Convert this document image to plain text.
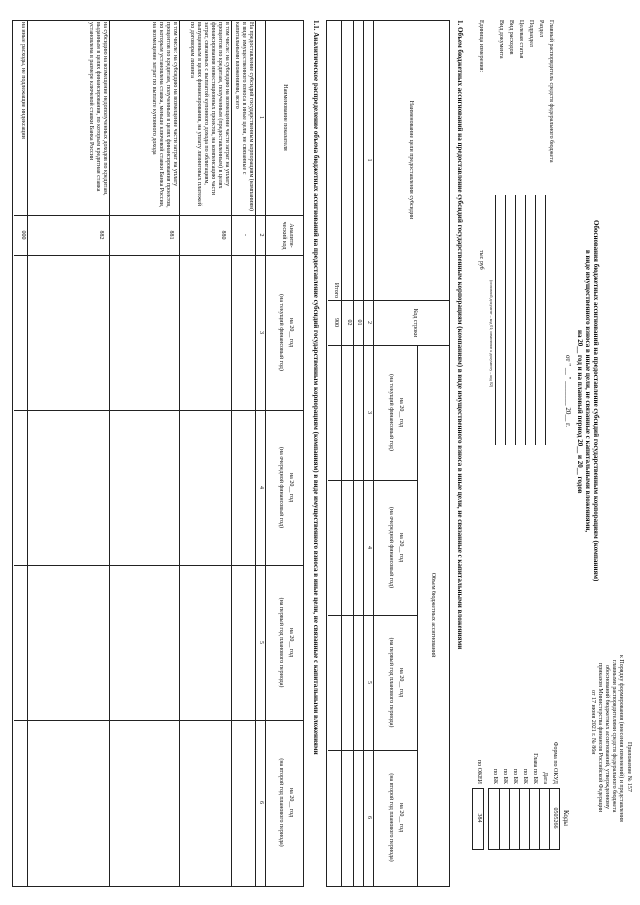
Приложение № 157
к Порядку формирования (внесения изменений) и представления
главными распорядителями средств федерального бюджета
обоснований бюджетных ассигнований, утвержденному
приказом Министерства финансов Российской Федерации
от 17 июня 2021 г. № 86н
Обоснования бюджетных ассигнований на предоставление субсидий государственным корпорациям (компаниям)
в виде имущественного взноса в иные цели, не связанные с капитальными вложениями,
на 20__ год и на плановый период 20__ и 20__ годов
от " __ " _______ 20__ г.
Коды
Форма по ОКУД
0505266
Дата
Глава по БК
по БК
по БК
по БК
по БК
по ОКЕИ
384
Главный распорядитель средств федерального бюджета
Раздел
Подраздел
Целевая статья
Вид расходов
Вид документа
(основной документ – код 01; изменение к документу – код 02)
Единица измерения:
тыс руб
1. Объем бюджетных ассигнований на предоставление субсидий государственным корпорациям (компаниям) в виде имущественного взноса в иные цели, не связанные с капитальными вложениями
Наименование цели предоставления субсидии
Код строки
Объем бюджетных ассигнований
на 20__ год
(на текущий финансовый год)
на 20__ год
(на очередной финансовый год)
на 20__ год
(на первый год планового периода)
на 20__ год
(на второй год планового периода)
1
2
3
4
5
6
01
02
Итого
900
1.1. Аналитическое распределение объема бюджетных ассигнований на предоставление субсидий государственным корпорациям (компаниям) в виде имущественного взноса в иные цели, не связанные с капитальными вложениями
Наименование показателя
Аналити-ческий код
на 20__ год
(на текущий финансовый год)
на 20__ год
(на очередной финансовый год)
на 20__ год
(на первый год планового периода)
на 20__ год
(на второй год планового периода)
1
2
3
4
5
6
На предоставление субсидий государственным корпорациям (компаниям) в виде имущественного взноса в иные цели, не связанные с капитальными вложениями, всего
-
в том числе: на субсидию на возмещение части затрат на уплату процентов по кредитам, полученным (предоставленным) в целях финансирования инвестиционных проектов, на компенсацию части затрат, связанных с выплатой купонного дохода по облигациям, выпущенным в целях финансирования, на уплату лизинговых платежей по договорам лизинга
880
в том числе: на субсидию на возмещение части затрат на уплату процентов по кредитам, полученным в целях финансирования проектов, по которым установлена ставка, меньше ключевой ставки Банка России, на возмещение затрат по выплате купонного дохода
881
на субсидию на возмещение недополученных доходов по кредитам, выданным в целях финансирования, по которым кредитная ставка установлена в размере ключевой ставки Банка России
882
на иные расходы, не подлежащие индексации
000
